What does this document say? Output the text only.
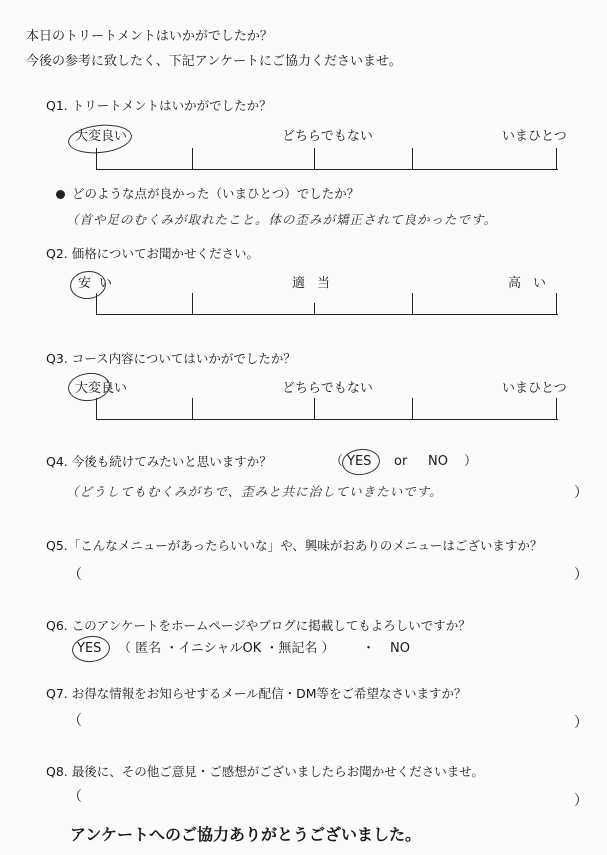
本日のトリートメントはいかがでしたか？
今後の参考に致したく、下記アンケートにご協力くださいませ。
Q1. トリートメントはいかがでしたか？
大変良い	どちらでもない	いまひとつ
どのような点が良かった（いまひとつ）でしたか？
（首や足のむくみが取れたこと。体の歪みが矯正されて良かったです。
Q2. 価格についてお聞かせください。
安い	適当	高い
Q3. コース内容についてはいかがでしたか？
大変良い	どちらでもない	いまひとつ
Q4. 今後も続けてみたいと思いますか？	（ YES or NO ）
（どうしてもむくみがちで、歪みと共に治していきたいです。	）
Q5.「こんなメニューがあったらいいな」や、興味がおありのメニューはございますか？
（	）
Q6. このアンケートをホームページやブログに掲載してもよろしいですか？
YES （ 匿名 ・イニシャルOK ・無記名 ） ・ NO
Q7. お得な情報をお知らせするメール配信・DM等をご希望なさいますか？
（	）
Q8. 最後に、その他ご意見・ご感想がございましたらお聞かせくださいませ。
（	）
アンケートへのご協力ありがとうございました。
